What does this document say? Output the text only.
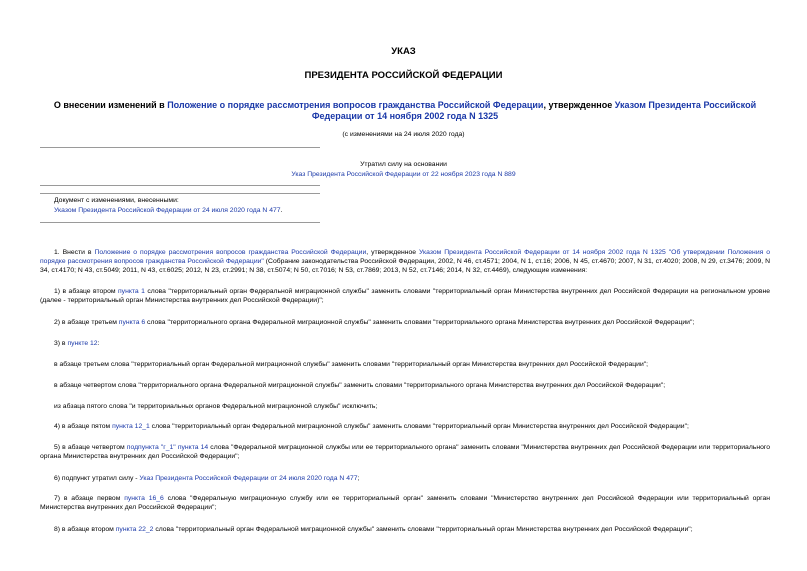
УКАЗ
ПРЕЗИДЕНТА РОССИЙСКОЙ ФЕДЕРАЦИИ
О внесении изменений в Положение о порядке рассмотрения вопросов гражданства Российской Федерации, утвержденное Указом Президента Российской Федерации от 14 ноября 2002 года N 1325
(с изменениями на 24 июля 2020 года)
Утратил силу на основании
Указ Президента Российской Федерации от 22 ноября 2023 года N 889
Документ с изменениями, внесенными:
Указом Президента Российской Федерации от 24 июля 2020 года N 477.
1. Внести в Положение о порядке рассмотрения вопросов гражданства Российской Федерации, утвержденное Указом Президента Российской Федерации от 14 ноября 2002 года N 1325 "Об утверждении Положения о порядке рассмотрения вопросов гражданства Российской Федерации" (Собрание законодательства Российской Федерации, 2002, N 46, ст.4571; 2004, N 1, ст.16; 2006, N 45, ст.4670; 2007, N 31, ст.4020; 2008, N 29, ст.3476; 2009, N 34, ст.4170; N 43, ст.5049; 2011, N 43, ст.6025; 2012, N 23, ст.2991; N 38, ст.5074; N 50, ст.7016; N 53, ст.7869; 2013, N 52, ст.7146; 2014, N 32, ст.4469), следующие изменения:
1) в абзаце втором пункта 1 слова "территориальный орган Федеральной миграционной службы" заменить словами "территориальный орган Министерства внутренних дел Российской Федерации на региональном уровне (далее - территориальный орган Министерства внутренних дел Российской Федерации)";
2) в абзаце третьем пункта 6 слова "территориального органа Федеральной миграционной службы" заменить словами "территориального органа Министерства внутренних дел Российской Федерации";
3) в пункте 12:
в абзаце третьем слова "территориальный орган Федеральной миграционной службы" заменить словами "территориальный орган Министерства внутренних дел Российской Федерации";
в абзаце четвертом слова "территориального органа Федеральной миграционной службы" заменить словами "территориального органа Министерства внутренних дел Российской Федерации";
из абзаца пятого слова "и территориальных органов Федеральной миграционной службы" исключить;
4) в абзаце пятом пункта 12_1 слова "территориальный орган Федеральной миграционной службы" заменить словами "территориальный орган Министерства внутренних дел Российской Федерации";
5) в абзаце четвертом подпункта "г_1" пункта 14 слова "Федеральной миграционной службы или ее территориального органа" заменить словами "Министерства внутренних дел Российской Федерации или территориального органа Министерства внутренних дел Российской Федерации";
6) подпункт утратил силу - Указ Президента Российской Федерации от 24 июля 2020 года N 477;
7) в абзаце первом пункта 16_6 слова "Федеральную миграционную службу или ее территориальный орган" заменить словами "Министерство внутренних дел Российской Федерации или территориальный орган Министерства внутренних дел Российской Федерации";
8) в абзаце втором пункта 22_2 слова "территориальный орган Федеральной миграционной службы" заменить словами "территориальный орган Министерства внутренних дел Российской Федерации";
